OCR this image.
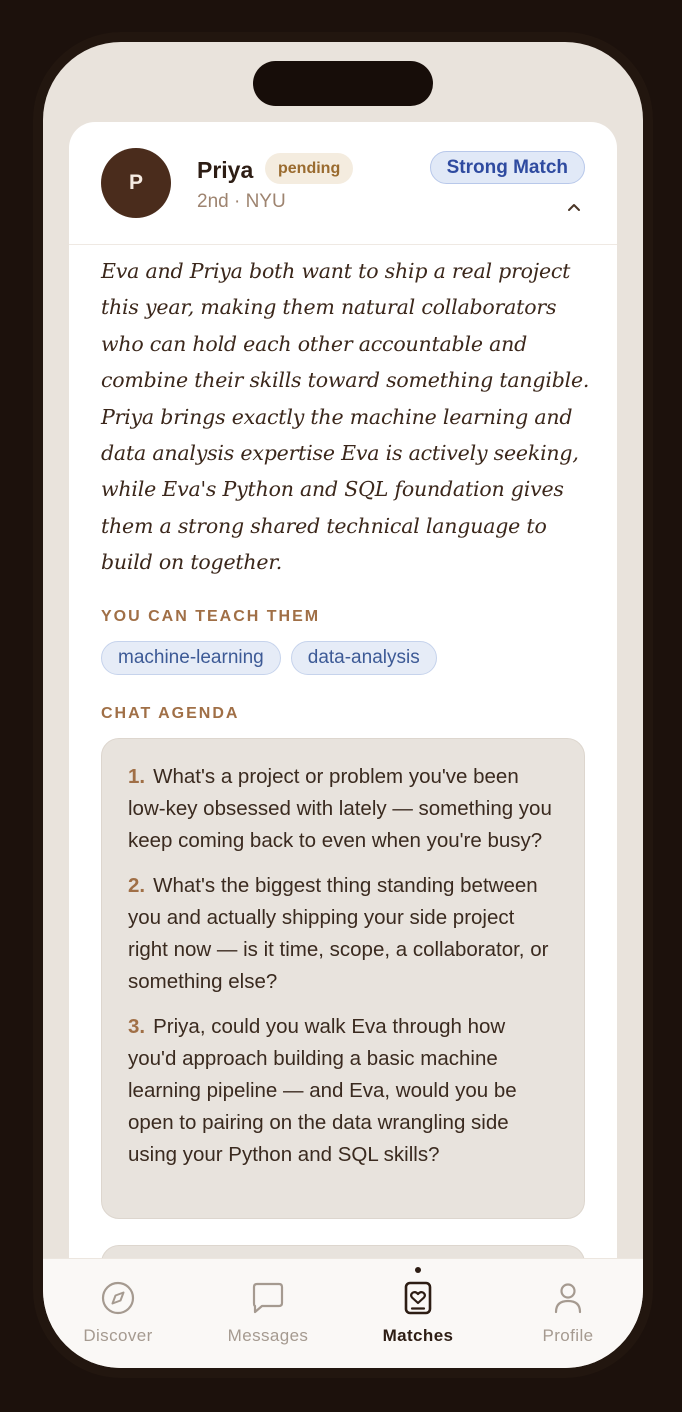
P	Priya	pending
2nd · NYU
Strong Match

Eva and Priya both want to ship a real project this year, making them natural collaborators who can hold each other accountable and combine their skills toward something tangible. Priya brings exactly the machine learning and data analysis expertise Eva is actively seeking, while Eva's Python and SQL foundation gives them a strong shared technical language to build on together.

YOU CAN TEACH THEM
machine-learning	data-analysis
CHAT AGENDA
1. What's a project or problem you've been low-key obsessed with lately — something you keep coming back to even when you're busy?
2. What's the biggest thing standing between you and actually shipping your side project right now — is it time, scope, a collaborator, or something else?
3. Priya, could you walk Eva through how you'd approach building a basic machine learning pipeline — and Eva, would you be open to pairing on the data wrangling side using your Python and SQL skills?
Discover	Messages	Matches	Profile
